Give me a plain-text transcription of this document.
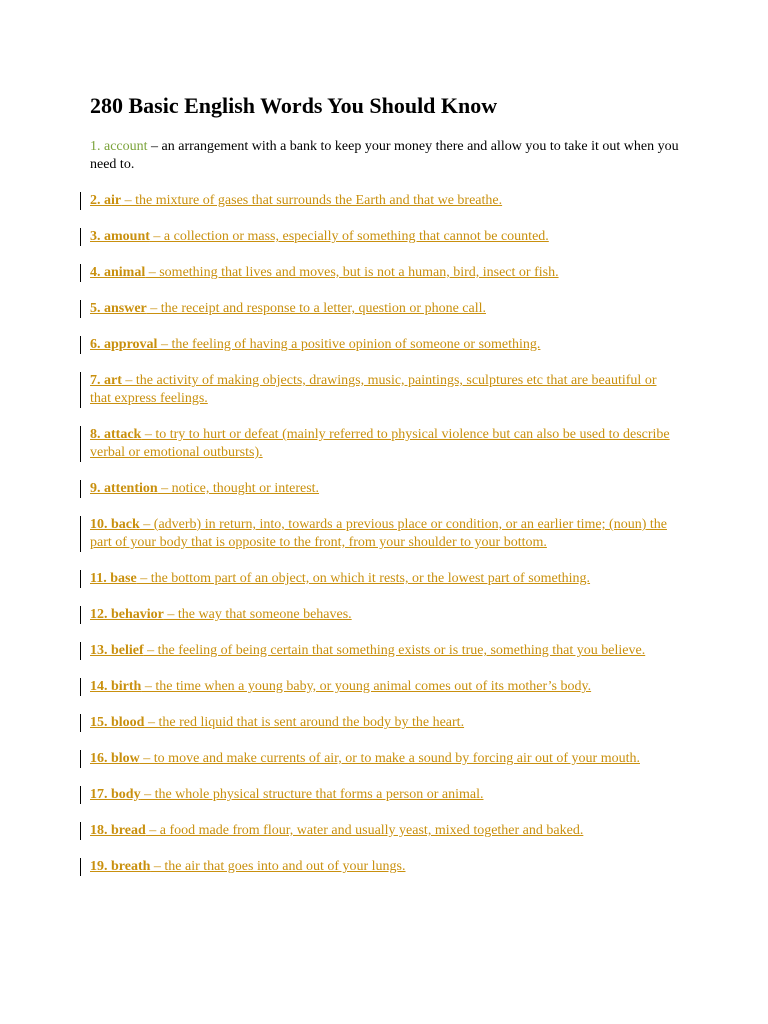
280 Basic English Words You Should Know

1. account – an arrangement with a bank to keep your money there and allow you to take it out when you need to.

2. air – the mixture of gases that surrounds the Earth and that we breathe.

3. amount – a collection or mass, especially of something that cannot be counted.

4. animal – something that lives and moves, but is not a human, bird, insect or fish.

5. answer – the receipt and response to a letter, question or phone call.

6. approval – the feeling of having a positive opinion of someone or something.

7. art – the activity of making objects, drawings, music, paintings, sculptures etc that are beautiful or that express feelings.

8. attack – to try to hurt or defeat (mainly referred to physical violence but can also be used to describe verbal or emotional outbursts).

9. attention – notice, thought or interest.

10. back – (adverb) in return, into, towards a previous place or condition, or an earlier time; (noun) the part of your body that is opposite to the front, from your shoulder to your bottom.

11. base – the bottom part of an object, on which it rests, or the lowest part of something.

12. behavior – the way that someone behaves.

13. belief – the feeling of being certain that something exists or is true, something that you believe.

14. birth – the time when a young baby, or young animal comes out of its mother’s body.

15. blood – the red liquid that is sent around the body by the heart.

16. blow – to move and make currents of air, or to make a sound by forcing air out of your mouth.

17. body – the whole physical structure that forms a person or animal.

18. bread – a food made from flour, water and usually yeast, mixed together and baked.

19. breath – the air that goes into and out of your lungs.
